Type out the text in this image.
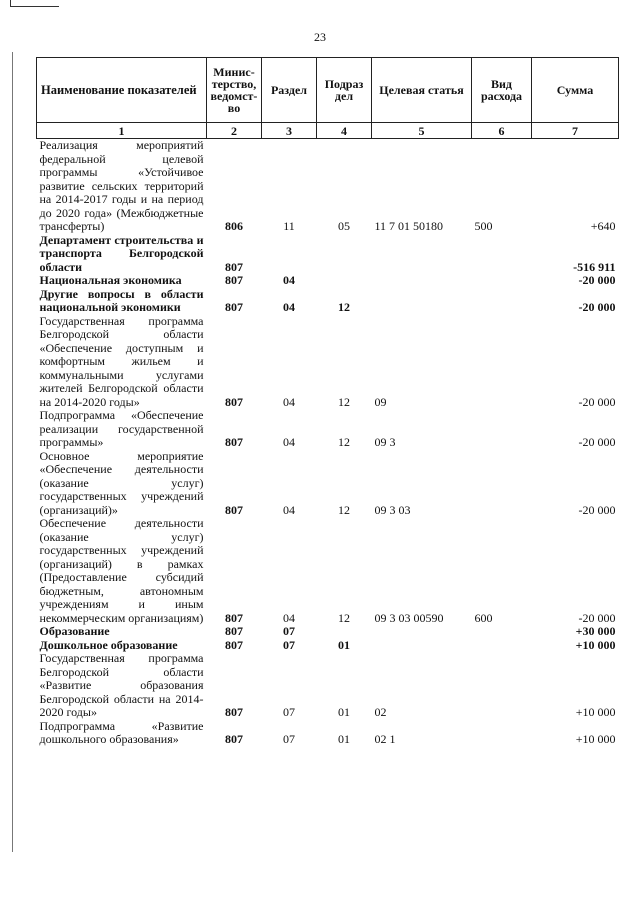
23
Наименование показателей	Минис-терство, ведомст-во	Раздел	Подраз дел	Целевая статья	Вид расхода	Сумма
1	2	3	4	5	6	7
Реализация мероприятий федеральной целевой программы «Устойчивое развитие сельских территорий на 2014-2017 годы и на период до 2020 года» (Межбюджетные трансферты)	806	11	05	11 7 01 50180	500	+640
Департамент строительства и транспорта Белгородской области	807					-516 911
Национальная экономика	807	04				-20 000
Другие вопросы в области национальной экономики	807	04	12			-20 000
Государственная программа Белгородской области «Обеспечение доступным и комфортным жильем и коммунальными услугами жителей Белгородской области на 2014-2020 годы»	807	04	12	09		-20 000
Подпрограмма «Обеспечение реализации государственной программы»	807	04	12	09 3		-20 000
Основное мероприятие «Обеспечение деятельности (оказание услуг) государственных учреждений (организаций)»	807	04	12	09 3 03		-20 000
Обеспечение деятельности (оказание услуг) государственных учреждений (организаций) в рамках (Предоставление субсидий бюджетным, автономным учреждениям и иным некоммерческим организациям)	807	04	12	09 3 03 00590	600	-20 000
Образование	807	07				+30 000
Дошкольное образование	807	07	01			+10 000
Государственная программа Белгородской области «Развитие образования Белгородской области на 2014-2020 годы»	807	07	01	02		+10 000
Подпрограмма «Развитие дошкольного образования»	807	07	01	02 1		+10 000
